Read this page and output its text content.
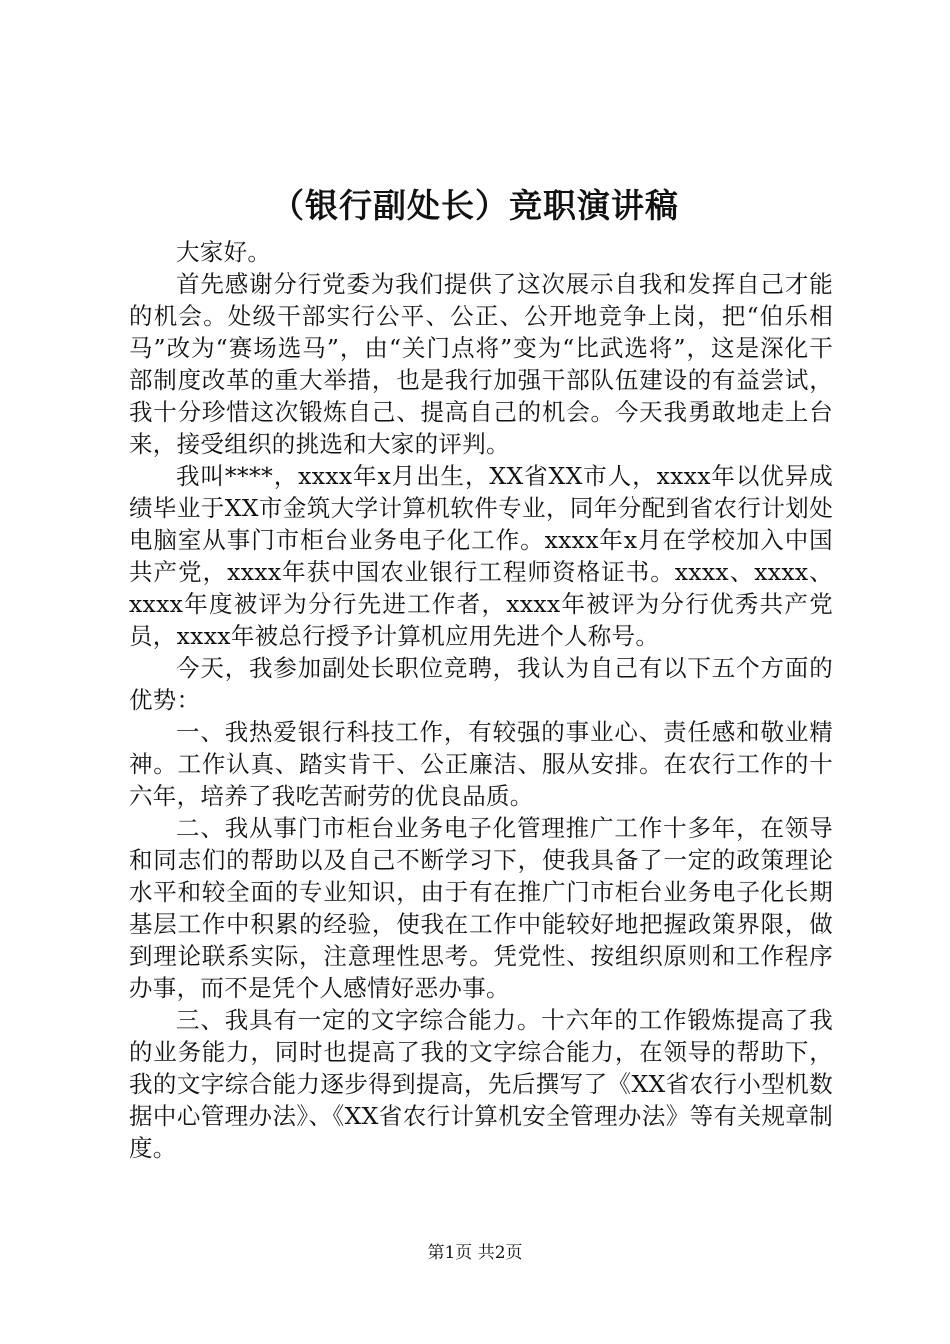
（银行副处长）竞职演讲稿

大家好。

首先感谢分行党委为我们提供了这次展示自我和发挥自己才能的机会。处级干部实行公平、公正、公开地竞争上岗，把“伯乐相马”改为“赛场选马”，由“关门点将”变为“比武选将”，这是深化干部制度改革的重大举措，也是我行加强干部队伍建设的有益尝试，我十分珍惜这次锻炼自己、提高自己的机会。今天我勇敢地走上台来，接受组织的挑选和大家的评判。

我叫****，xxxx年x月出生，XX省XX市人，xxxx年以优异成绩毕业于XX市金筑大学计算机软件专业，同年分配到省农行计划处电脑室从事门市柜台业务电子化工作。xxxx年x月在学校加入中国共产党，xxxx年获中国农业银行工程师资格证书。xxxx、xxxx、xxxx年度被评为分行先进工作者，xxxx年被评为分行优秀共产党员，xxxx年被总行授予计算机应用先进个人称号。

今天，我参加副处长职位竞聘，我认为自己有以下五个方面的优势：

一、我热爱银行科技工作，有较强的事业心、责任感和敬业精神。工作认真、踏实肯干、公正廉洁、服从安排。在农行工作的十六年，培养了我吃苦耐劳的优良品质。

二、我从事门市柜台业务电子化管理推广工作十多年，在领导和同志们的帮助以及自己不断学习下，使我具备了一定的政策理论水平和较全面的专业知识，由于有在推广门市柜台业务电子化长期基层工作中积累的经验，使我在工作中能较好地把握政策界限，做到理论联系实际，注意理性思考。凭党性、按组织原则和工作程序办事，而不是凭个人感情好恶办事。

三、我具有一定的文字综合能力。十六年的工作锻炼提高了我的业务能力，同时也提高了我的文字综合能力，在领导的帮助下，我的文字综合能力逐步得到提高，先后撰写了《XX省农行小型机数据中心管理办法》、《XX省农行计算机安全管理办法》等有关规章制度。

第1页 共2页
